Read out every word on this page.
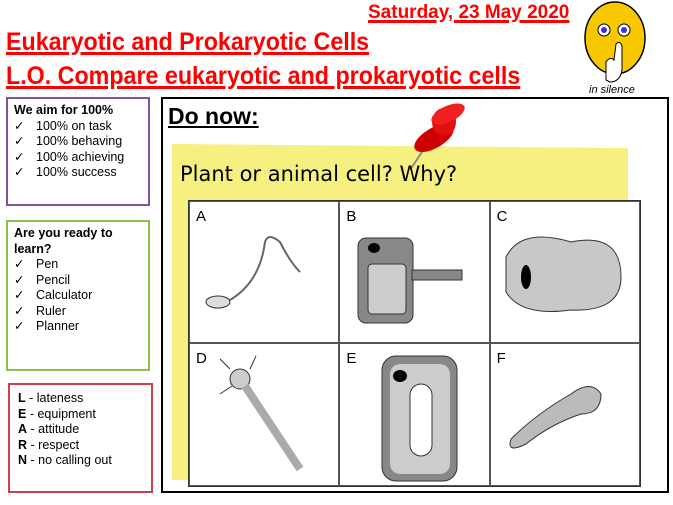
Saturday, 23 May 2020
Eukaryotic and Prokaryotic Cells
L.O. Compare eukaryotic and prokaryotic cells	in silence
We aim for 100%
✓ 100% on task
✓ 100% behaving
✓ 100% achieving
✓ 100% success
Are you ready to learn?
✓ Pen
✓ Pencil
✓ Calculator
✓ Ruler
✓ Planner
L - lateness
E - equipment
A - attitude
R - respect
N - no calling out
Do now:
Plant or animal cell? Why?
A	B	C
D	E	F
